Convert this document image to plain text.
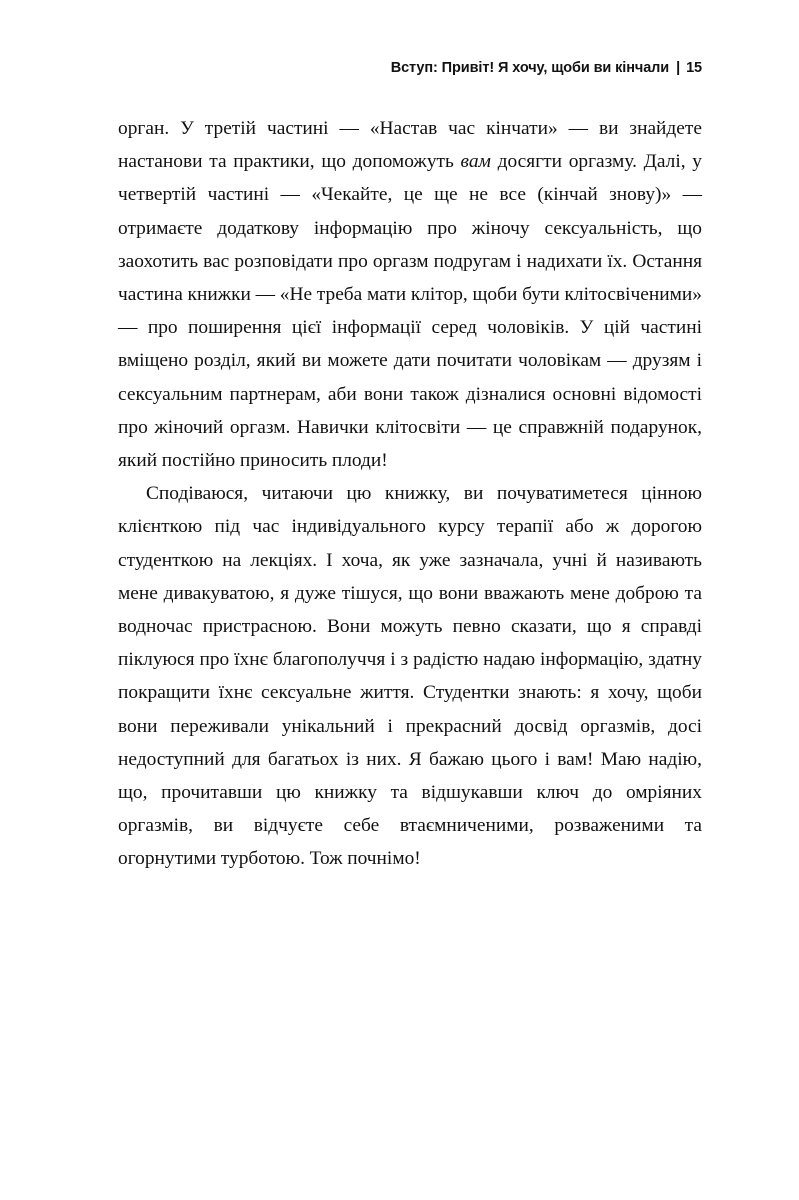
Вступ: Привіт! Я хочу, щоби ви кінчали | 15

орган. У третій частині — «Настав час кінчати» — ви знайдете настанови та практики, що допоможуть вам досягти оргазму. Далі, у четвертій частині — «Чекайте, це ще не все (кінчай знову)» — отримаєте додаткову інформацію про жіночу сексуальність, що заохотить вас розповідати про оргазм подругам і надихати їх. Остання частина книжки — «Не треба мати клітор, щоби бути клітосвіченими» — про поширення цієї інформації серед чоловіків. У цій частині вміщено розділ, який ви можете дати почитати чоловікам — друзям і сексуальним партнерам, аби вони також дізналися основні відомості про жіночий оргазм. Навички клітосвіти — це справжній подарунок, який постійно приносить плоди!

Сподіваюся, читаючи цю книжку, ви почуватиметеся цінною клієнткою під час індивідуального курсу терапії або ж дорогою студенткою на лекціях. І хоча, як уже зазначала, учні й називають мене дивакуватою, я дуже тішуся, що вони вважають мене доброю та водночас пристрасною. Вони можуть певно сказати, що я справді піклуюся про їхнє благополуччя і з радістю надаю інформацію, здатну покращити їхнє сексуальне життя. Студентки знають: я хочу, щоби вони переживали унікальний і прекрасний досвід оргазмів, досі недоступний для багатьох із них. Я бажаю цього і вам! Маю надію, що, прочитавши цю книжку та відшукавши ключ до омріяних оргазмів, ви відчуєте себе втаємниченими, розваженими та огорнутими турботою. Тож почнімо!
